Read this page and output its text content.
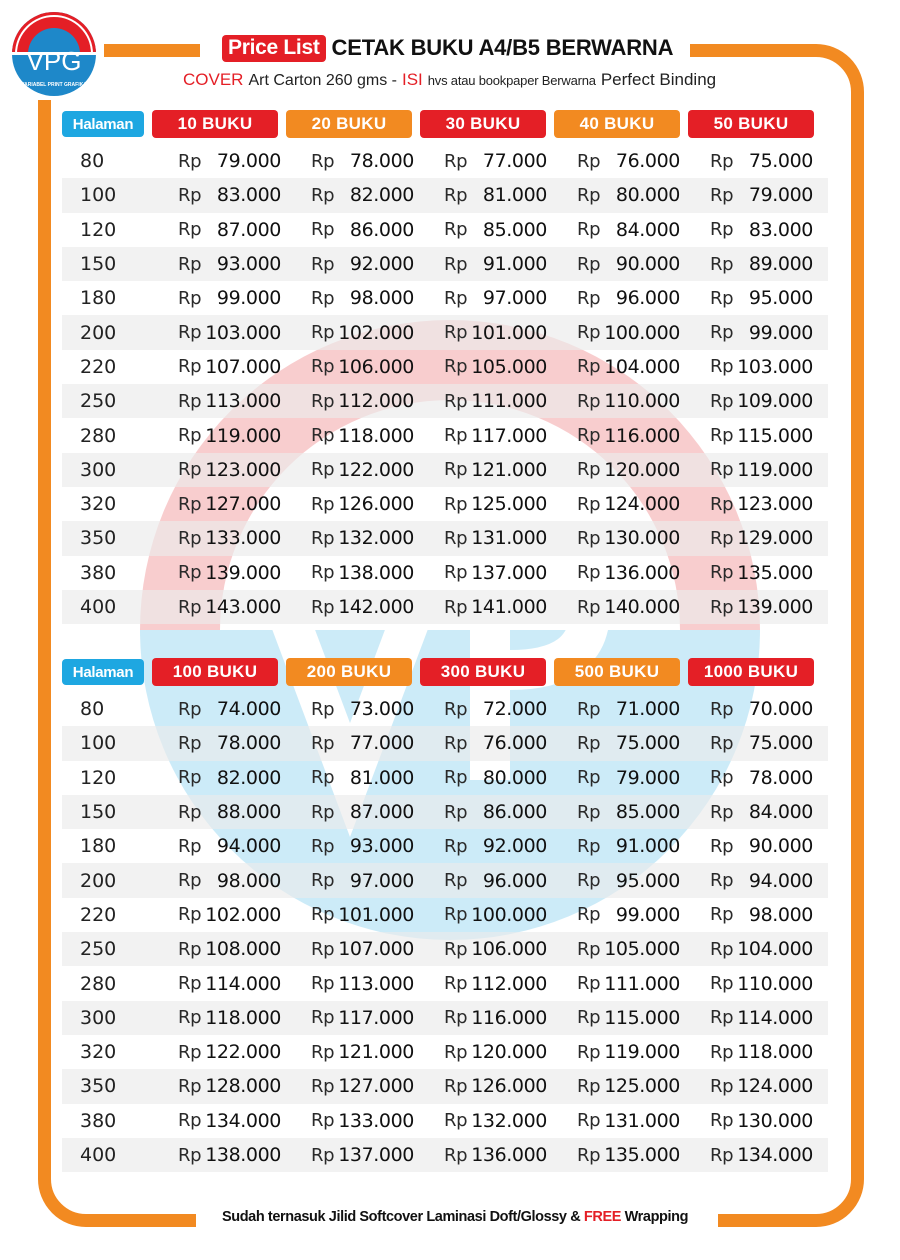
VPG
VARIABEL PRINT GRAFIKA
Price List CETAK BUKU A4/B5 BERWARNA
COVER Art Carton 260 gms - ISI hvs atau bookpaper Berwarna Perfect Binding
Halaman	10 BUKU	20 BUKU	30 BUKU	40 BUKU	50 BUKU
80	Rp 79.000	Rp 78.000	Rp 77.000	Rp 76.000	Rp 75.000
100	Rp 83.000	Rp 82.000	Rp 81.000	Rp 80.000	Rp 79.000
120	Rp 87.000	Rp 86.000	Rp 85.000	Rp 84.000	Rp 83.000
150	Rp 93.000	Rp 92.000	Rp 91.000	Rp 90.000	Rp 89.000
180	Rp 99.000	Rp 98.000	Rp 97.000	Rp 96.000	Rp 95.000
200	Rp 103.000	Rp 102.000	Rp 101.000	Rp 100.000	Rp 99.000
220	Rp 107.000	Rp 106.000	Rp 105.000	Rp 104.000	Rp 103.000
250	Rp 113.000	Rp 112.000	Rp 111.000	Rp 110.000	Rp 109.000
280	Rp 119.000	Rp 118.000	Rp 117.000	Rp 116.000	Rp 115.000
300	Rp 123.000	Rp 122.000	Rp 121.000	Rp 120.000	Rp 119.000
320	Rp 127.000	Rp 126.000	Rp 125.000	Rp 124.000	Rp 123.000
350	Rp 133.000	Rp 132.000	Rp 131.000	Rp 130.000	Rp 129.000
380	Rp 139.000	Rp 138.000	Rp 137.000	Rp 136.000	Rp 135.000
400	Rp 143.000	Rp 142.000	Rp 141.000	Rp 140.000	Rp 139.000
Halaman	100 BUKU	200 BUKU	300 BUKU	500 BUKU	1000 BUKU
80	Rp 74.000	Rp 73.000	Rp 72.000	Rp 71.000	Rp 70.000
100	Rp 78.000	Rp 77.000	Rp 76.000	Rp 75.000	Rp 75.000
120	Rp 82.000	Rp 81.000	Rp 80.000	Rp 79.000	Rp 78.000
150	Rp 88.000	Rp 87.000	Rp 86.000	Rp 85.000	Rp 84.000
180	Rp 94.000	Rp 93.000	Rp 92.000	Rp 91.000	Rp 90.000
200	Rp 98.000	Rp 97.000	Rp 96.000	Rp 95.000	Rp 94.000
220	Rp 102.000	Rp 101.000	Rp 100.000	Rp 99.000	Rp 98.000
250	Rp 108.000	Rp 107.000	Rp 106.000	Rp 105.000	Rp 104.000
280	Rp 114.000	Rp 113.000	Rp 112.000	Rp 111.000	Rp 110.000
300	Rp 118.000	Rp 117.000	Rp 116.000	Rp 115.000	Rp 114.000
320	Rp 122.000	Rp 121.000	Rp 120.000	Rp 119.000	Rp 118.000
350	Rp 128.000	Rp 127.000	Rp 126.000	Rp 125.000	Rp 124.000
380	Rp 134.000	Rp 133.000	Rp 132.000	Rp 131.000	Rp 130.000
400	Rp 138.000	Rp 137.000	Rp 136.000	Rp 135.000	Rp 134.000
Sudah ternasuk Jilid Softcover Laminasi Doft/Glossy & FREE Wrapping
